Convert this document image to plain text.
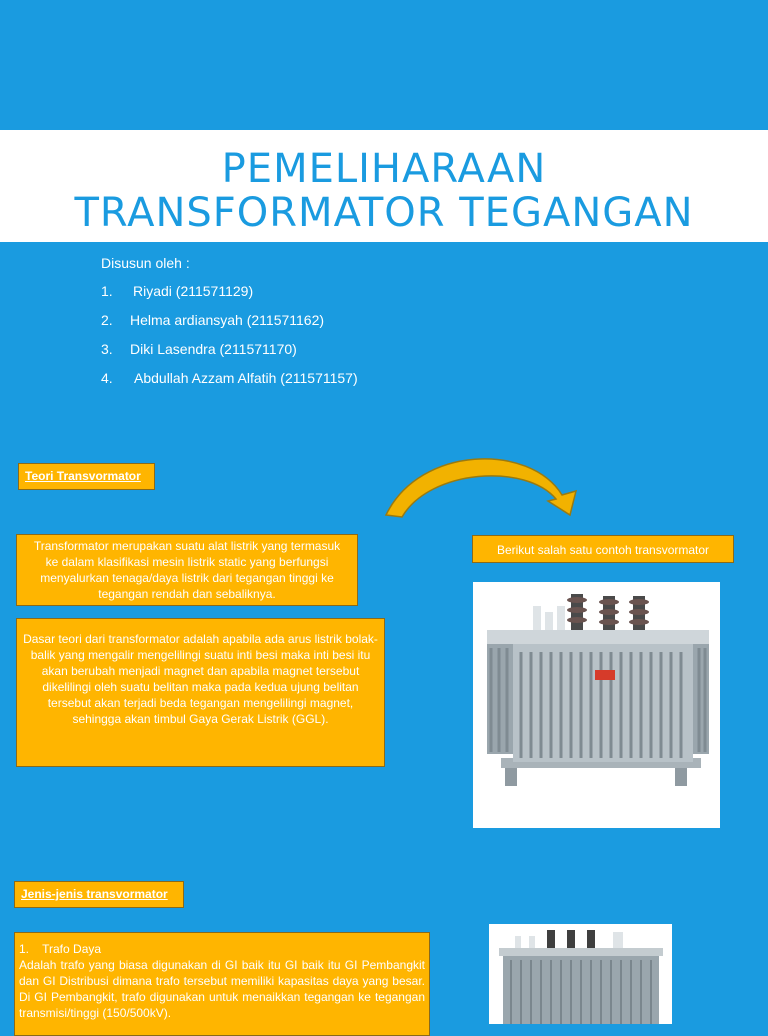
PEMELIHARAAN
TRANSFORMATOR TEGANGAN
Disusun oleh :
1. Riyadi (211571129)
2. Helma ardiansyah (211571162)
3. Diki Lasendra (211571170)
4. Abdullah Azzam Alfatih (211571157)
Teori Transvormator
Transformator merupakan suatu alat listrik yang termasuk ke dalam klasifikasi mesin listrik static yang berfungsi menyalurkan tenaga/daya listrik dari tegangan tinggi ke tegangan rendah dan sebaliknya.
Dasar teori dari transformator adalah apabila ada arus listrik bolak-balik yang mengalir mengelilingi suatu inti besi maka inti besi itu akan berubah menjadi magnet dan apabila magnet tersebut dikelilingi oleh suatu belitan maka pada kedua ujung belitan tersebut akan terjadi beda tegangan mengelilingi magnet, sehingga akan timbul Gaya Gerak Listrik (GGL).
Berikut salah satu contoh transvormator
Jenis-jenis transvormator
1.    Trafo Daya
Adalah trafo yang biasa digunakan di GI baik itu GI baik itu GI Pembangkit dan GI Distribusi dimana trafo tersebut memiliki kapasitas daya yang besar. Di GI Pembangkit, trafo digunakan untuk menaikkan tegangan ke tegangan transmisi/tinggi (150/500kV).
